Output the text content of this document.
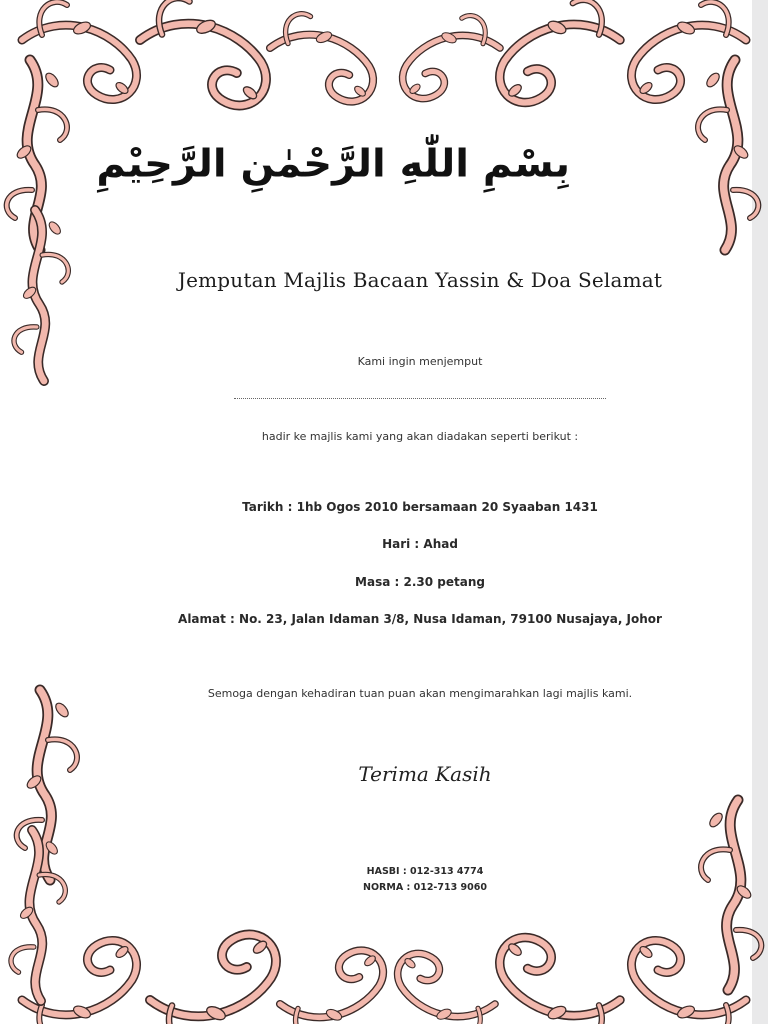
بِسْمِ اللّٰهِ الرَّحْمٰنِ الرَّحِيْمِ
Jemputan Majlis Bacaan Yassin & Doa Selamat
Kami ingin menjemput
hadir ke majlis kami yang akan diadakan seperti berikut :
Tarikh : 1hb Ogos 2010 bersamaan 20 Syaaban 1431
Hari : Ahad
Masa : 2.30 petang
Alamat : No. 23, Jalan Idaman 3/8, Nusa Idaman, 79100 Nusajaya, Johor
Semoga dengan kehadiran tuan puan akan mengimarahkan lagi majlis kami.
Terima Kasih
HASBI : 012-313 4774
NORMA : 012-713 9060
